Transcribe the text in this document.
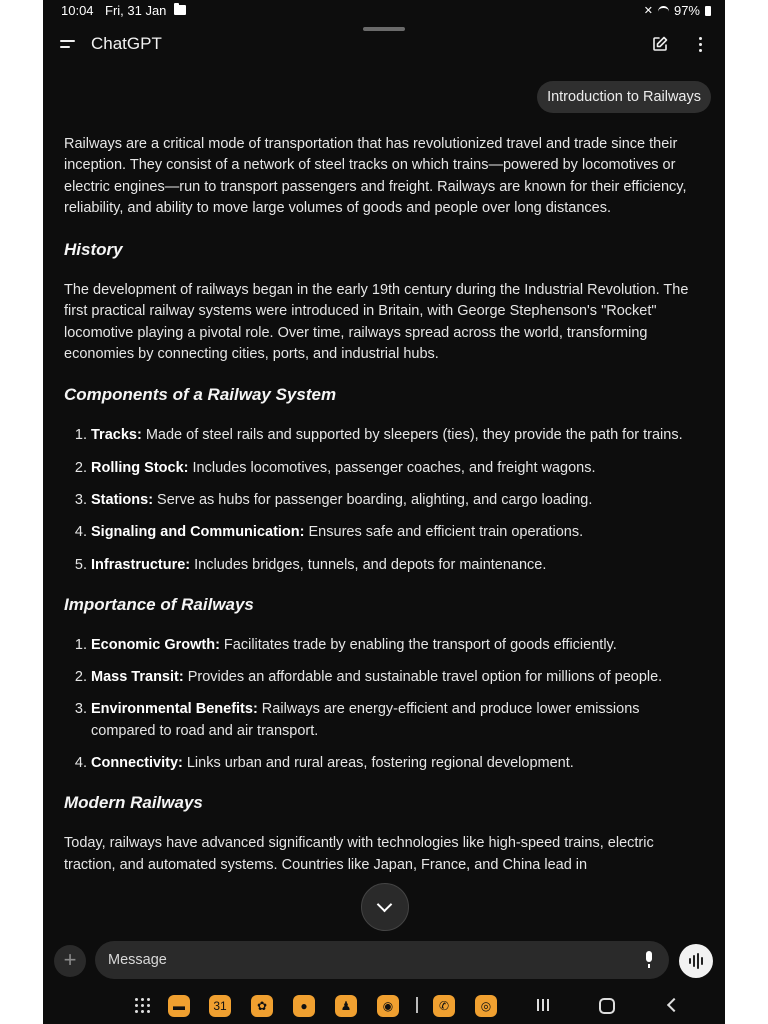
10:04 Fri, 31 Jan	✕ 97%
ChatGPT
Introduction to Railways

Railways are a critical mode of transportation that has revolutionized travel and trade since their inception. They consist of a network of steel tracks on which trains—powered by locomotives or electric engines—run to transport passengers and freight. Railways are known for their efficiency, reliability, and ability to move large volumes of goods and people over long distances.

History

The development of railways began in the early 19th century during the Industrial Revolution. The first practical railway systems were introduced in Britain, with George Stephenson's "Rocket" locomotive playing a pivotal role. Over time, railways spread across the world, transforming economies by connecting cities, ports, and industrial hubs.

Components of a Railway System
1. Tracks: Made of steel rails and supported by sleepers (ties), they provide the path for trains.
2. Rolling Stock: Includes locomotives, passenger coaches, and freight wagons.
3. Stations: Serve as hubs for passenger boarding, alighting, and cargo loading.
4. Signaling and Communication: Ensures safe and efficient train operations.
5. Infrastructure: Includes bridges, tunnels, and depots for maintenance.
Importance of Railways
1. Economic Growth: Facilitates trade by enabling the transport of goods efficiently.
2. Mass Transit: Provides an affordable and sustainable travel option for millions of people.
3. Environmental Benefits: Railways are energy-efficient and produce lower emissions compared to road and air transport.
4. Connectivity: Links urban and rural areas, fostering regional development.
Modern Railways

Today, railways have advanced significantly with technologies like high-speed trains, electric traction, and automated systems. Countries like Japan, France, and China lead in

+	Message
▬	31	✿	●	♟	◉	✆	◎
